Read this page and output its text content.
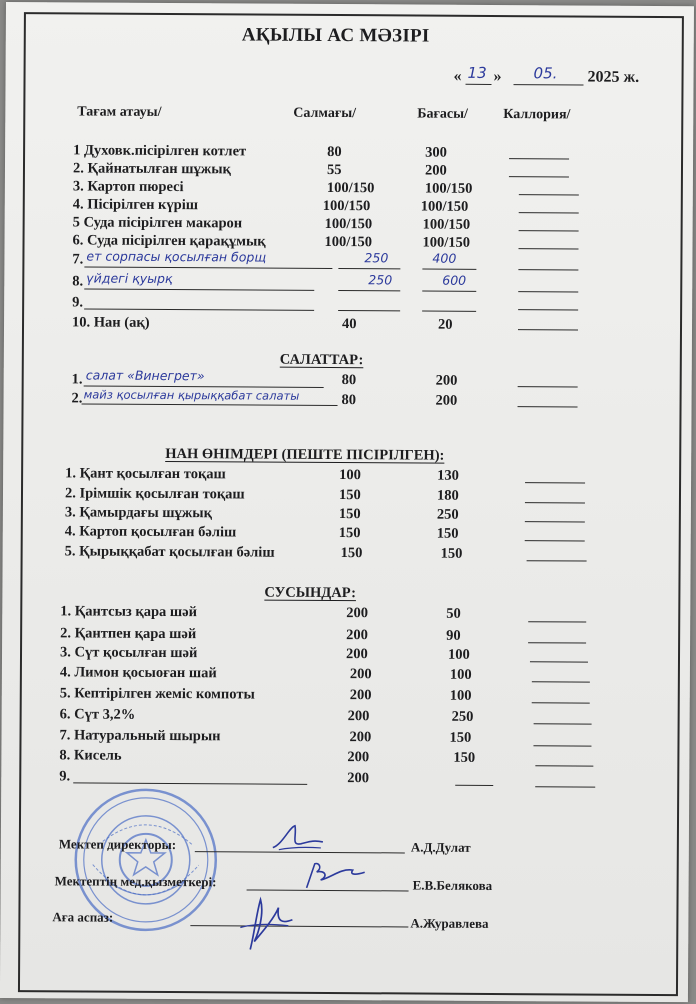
АҚЫЛЫ АС МӘЗІРІ
« 13 » 05. 2025 ж.
Тағам атауы/	Салмағы/	Бағасы/	Каллория/
1 Духовк.пісірілген котлет	80	300
2. Қайнатылған шұжық	55	200
3. Картоп пюресі	100/150	100/150
4. Пісірілген күріш	100/150	100/150
5 Суда пісірілген макарон	100/150	100/150
6. Суда пісірілген қарақұмық	100/150	100/150
7. ет сорпасы қосылған борщ	250	400
8. үйдегі қуырқ	250	600
9.
10. Нан (ақ)	40	20
САЛАТТАР:
1. салат «Винегрет»	80	200
2. майз қосылған қырыққабат салаты	80	200
НАН ӨНІМДЕРІ (ПЕШТЕ ПІСІРІЛГЕН):
1. Қант қосылған тоқаш	100	130
2. Ірімшік қосылған тоқаш	150	180
3. Қамырдағы шұжық	150	250
4. Картоп қосылған бәліш	150	150
5. Қырыққабат қосылған бәліш	150	150
СУСЫНДАР:
1. Қантсыз қара шәй	200	50
2. Қантпен қара шәй	200	90
3. Сүт қосылған шәй	200	100
4. Лимон қосыоған шай	200	100
5. Кептірілген жеміс компоты	200	100
6. Сүт 3,2%	200	250
7. Натуральный шырын	200	150
8. Кисель	200	150
9.	200
Мектеп директоры:	А.Д.Дулат
Мектептің мед.қызметкері:	Е.В.Белякова
Аға аспаз:	А.Журавлева
